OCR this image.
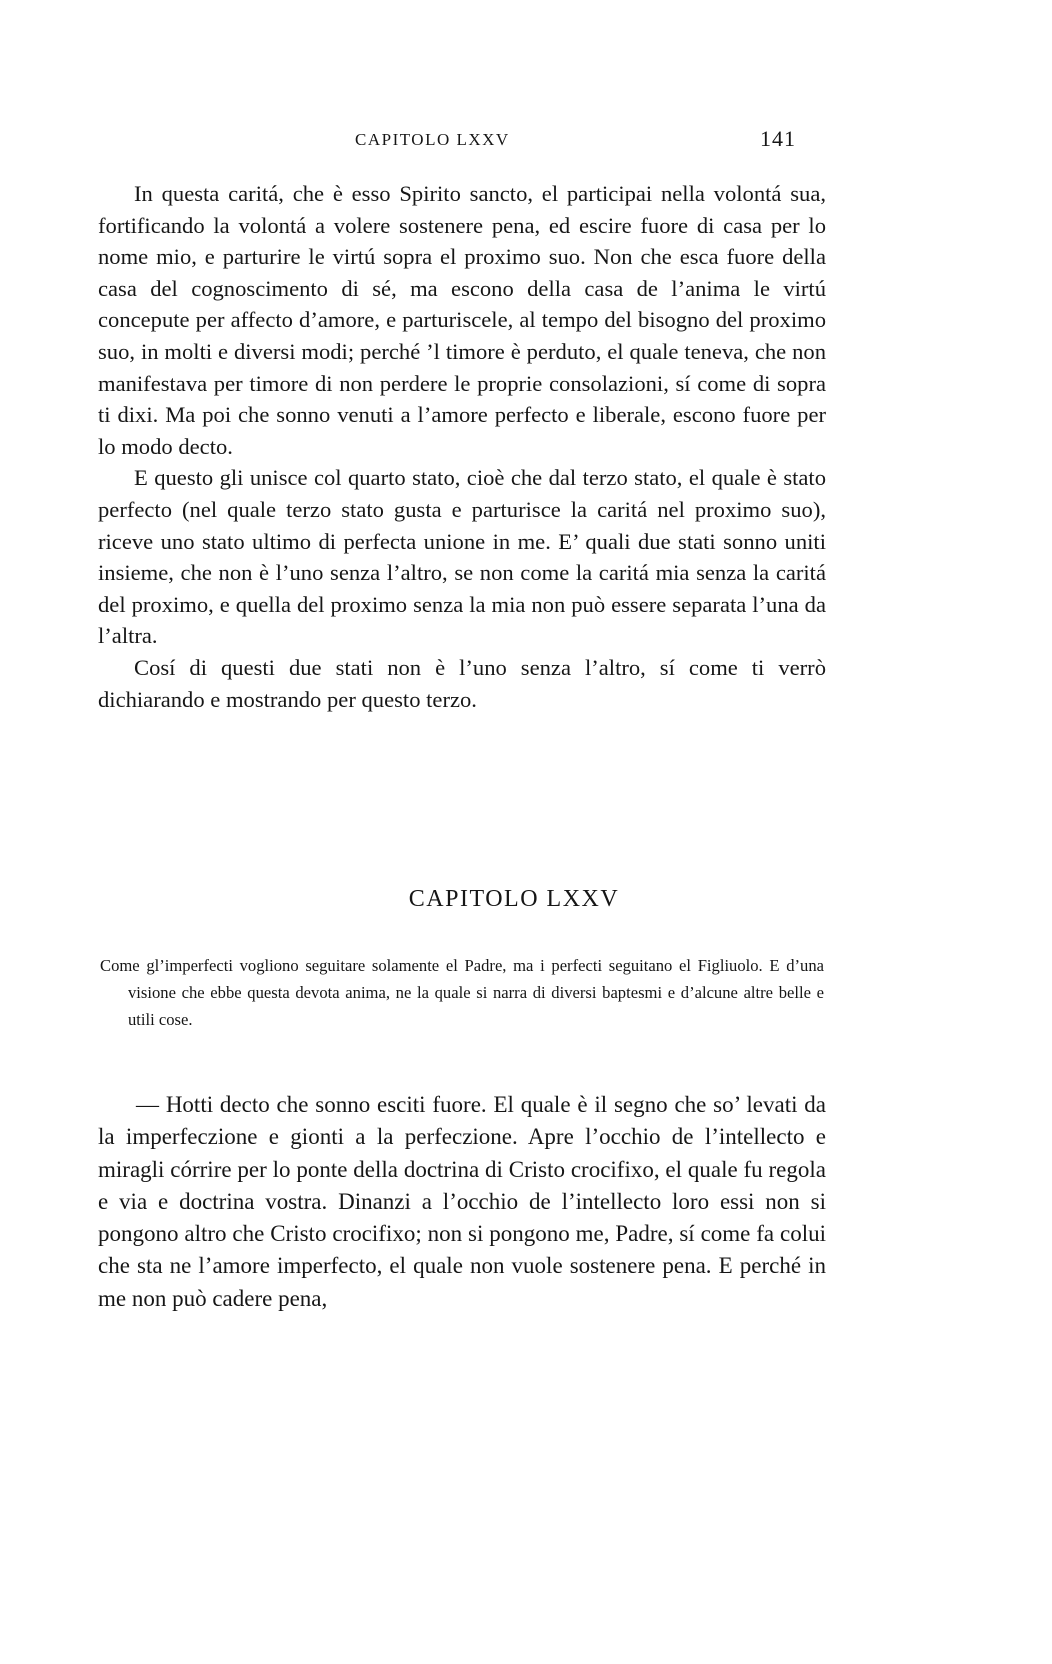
CAPITOLO LXXV	141

In questa caritá, che è esso Spirito sancto, el participai nella volontá sua, fortificando la volontá a volere sostenere pena, ed escire fuore di casa per lo nome mio, e parturire le virtú sopra el proximo suo. Non che esca fuore della casa del cognoscimento di sé, ma escono della casa de l’anima le virtú concepute per affecto d’amore, e parturiscele, al tempo del bisogno del proximo suo, in molti e diversi modi; perché ’l timore è perduto, el quale teneva, che non manifestava per timore di non perdere le proprie consolazioni, sí come di sopra ti dixi. Ma poi che sonno venuti a l’amore perfecto e liberale, escono fuore per lo modo decto.

E questo gli unisce col quarto stato, cioè che dal terzo stato, el quale è stato perfecto (nel quale terzo stato gusta e parturisce la caritá nel proximo suo), riceve uno stato ultimo di perfecta unione in me. E’ quali due stati sonno uniti insieme, che non è l’uno senza l’altro, se non come la caritá mia senza la caritá del proximo, e quella del proximo senza la mia non può essere separata l’una da l’altra.

Cosí di questi due stati non è l’uno senza l’altro, sí come ti verrò dichiarando e mostrando per questo terzo.

CAPITOLO LXXV

Come gl’imperfecti vogliono seguitare solamente el Padre, ma i perfecti seguitano el Figliuolo. E d’una visione che ebbe questa devota anima, ne la quale si narra di diversi baptesmi e d’alcune altre belle e utili cose.

— Hotti decto che sonno esciti fuore. El quale è il segno che so’ levati da la imperfeczione e gionti a la perfeczione. Apre l’occhio de l’intellecto e miragli córrire per lo ponte della doctrina di Cristo crocifixo, el quale fu regola e via e doctrina vostra. Dinanzi a l’occhio de l’intellecto loro essi non si pongono altro che Cristo crocifixo; non si pongono me, Padre, sí come fa colui che sta ne l’amore imperfecto, el quale non vuole sostenere pena. E perché in me non può cadere pena,
